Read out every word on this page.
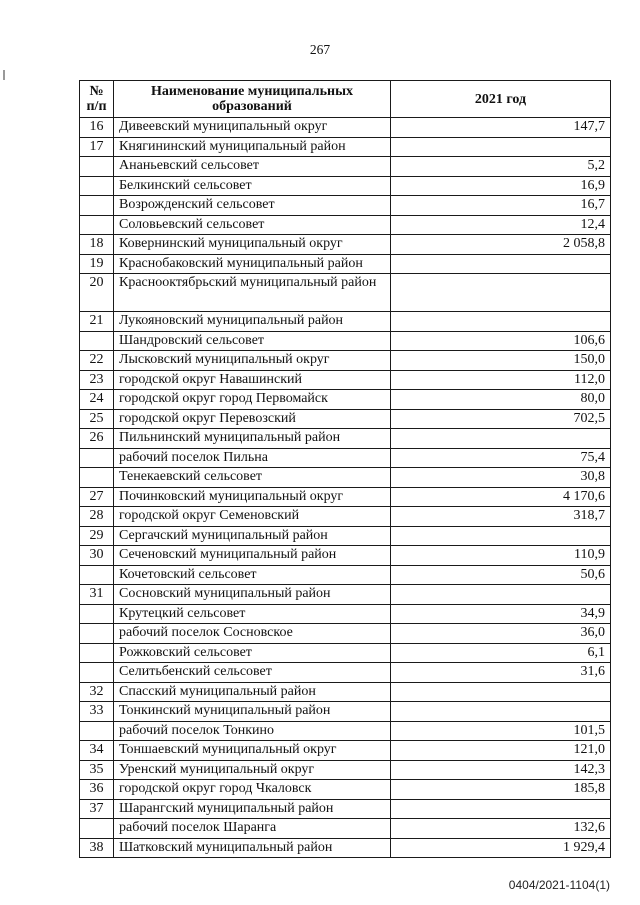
267
№
п/п	Наименование муниципальных образований	2021 год
16	Дивеевский муниципальный округ	147,7
17	Княгининский муниципальный район	
	Ананьевский сельсовет	5,2
	Белкинский сельсовет	16,9
	Возрожденский сельсовет	16,7
	Соловьевский сельсовет	12,4
18	Ковернинский муниципальный округ	2 058,8
19	Краснобаковский муниципальный район	
20	Краснооктябрьский муниципальный район	
21	Лукояновский муниципальный район	
	Шандровский сельсовет	106,6
22	Лысковский муниципальный округ	150,0
23	городской округ Навашинский	112,0
24	городской округ город Первомайск	80,0
25	городской округ Перевозский	702,5
26	Пильнинский муниципальный район	
	рабочий поселок Пильна	75,4
	Тенекаевский сельсовет	30,8
27	Починковский муниципальный округ	4 170,6
28	городской округ Семеновский	318,7
29	Сергачский муниципальный район	
30	Сеченовский муниципальный район	110,9
	Кочетовский сельсовет	50,6
31	Сосновский муниципальный район	
	Крутецкий сельсовет	34,9
	рабочий поселок Сосновское	36,0
	Рожковский сельсовет	6,1
	Селитьбенский сельсовет	31,6
32	Спасский муниципальный район	
33	Тонкинский муниципальный район	
	рабочий поселок Тонкино	101,5
34	Тоншаевский муниципальный округ	121,0
35	Уренский муниципальный округ	142,3
36	городской округ город Чкаловск	185,8
37	Шарангский муниципальный район	
	рабочий поселок Шаранга	132,6
38	Шатковский муниципальный район	1 929,4
0404/2021-1104(1)
